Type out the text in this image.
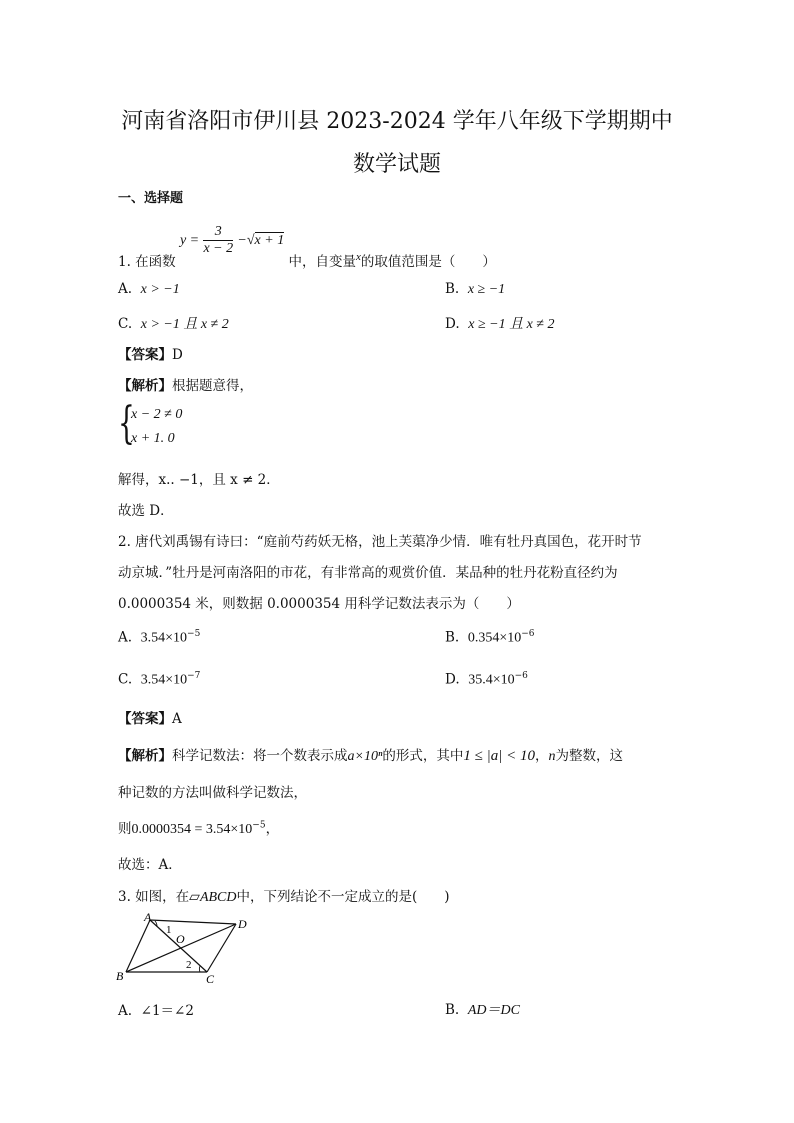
河南省洛阳市伊川县 2023-2024 学年八年级下学期期中
数学试题
一、选择题
1. 在函数 $y = \frac{3}{x - 2} -√x + 1$ 中，自变量$_x$的取值范围是（　　）
A. x > −1	B. x ≥ −1
C. x > −1 且 x ≠ 2	D. x ≥ −1 且 x ≠ 2
【答案】D
【解析】根据题意得，
{
x − 2 ≠ 0
x + 1. 0
解得，x.. −1，且 x ≠ 2．
故选 D．
2. 唐代刘禹锡有诗曰：“庭前芍药妖无格，池上芙蕖净少情．唯有牡丹真国色，花开时节
动京城．”牡丹是河南洛阳的市花，有非常高的观赏价值．某品种的牡丹花粉直径约为
0.0000354 米，则数据 0.0000354 用科学记数法表示为（　　）
A. $3.54\times 10^{-5}$	B. $0.354\times 10^{-6}$
C. $3.54\times 10^{-7}$	D. $35.4\times 10^{-6}$
【答案】A
【解析】科学记数法：将一个数表示成a×10ⁿ的形式，其中1 ≤ |a| < 10，n为整数，这
种记数的方法叫做科学记数法，
则$0.0000354 = 3.54\times 10^{-5}$，
故选：A．
3. 如图，在▱ABCD中，下列结论不一定成立的是(　　)
A	D
B	C
O
1
2
A. ∠1＝∠2	B. AD＝DC
